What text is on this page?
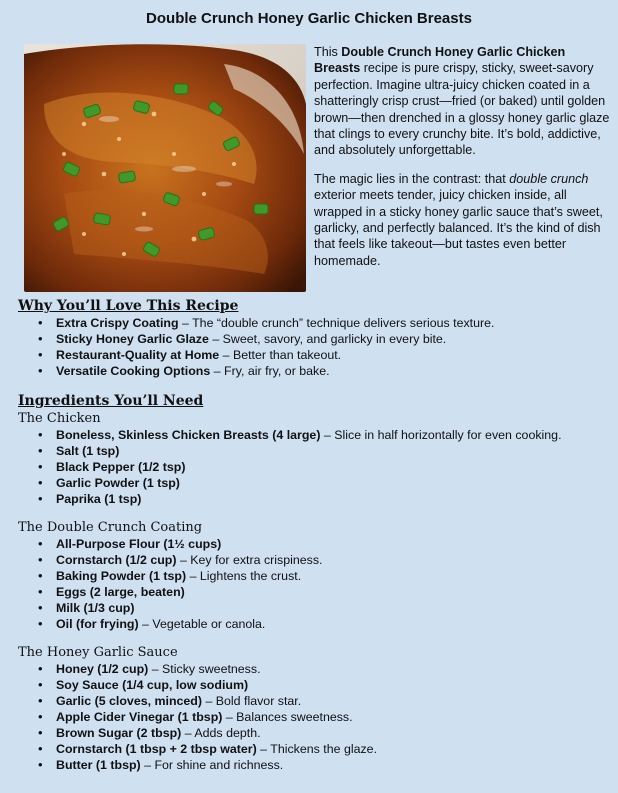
Double Crunch Honey Garlic Chicken Breasts

This Double Crunch Honey Garlic Chicken Breasts recipe is pure crispy, sticky, sweet-savory perfection. Imagine ultra-juicy chicken coated in a shatteringly crisp crust—fried (or baked) until golden brown—then drenched in a glossy honey garlic glaze that clings to every crunchy bite. It’s bold, addictive, and absolutely unforgettable.

The magic lies in the contrast: that double crunch exterior meets tender, juicy chicken inside, all wrapped in a sticky honey garlic sauce that’s sweet, garlicky, and perfectly balanced. It’s the kind of dish that feels like takeout—but tastes even better homemade.

Why You’ll Love This Recipe
• Extra Crispy Coating – The “double crunch” technique delivers serious texture.
• Sticky Honey Garlic Glaze – Sweet, savory, and garlicky in every bite.
• Restaurant-Quality at Home – Better than takeout.
• Versatile Cooking Options – Fry, air fry, or bake.
Ingredients You’ll Need
The Chicken
• Boneless, Skinless Chicken Breasts (4 large) – Slice in half horizontally for even cooking.
• Salt (1 tsp)
• Black Pepper (1/2 tsp)
• Garlic Powder (1 tsp)
• Paprika (1 tsp)
The Double Crunch Coating
• All-Purpose Flour (1½ cups)
• Cornstarch (1/2 cup) – Key for extra crispiness.
• Baking Powder (1 tsp) – Lightens the crust.
• Eggs (2 large, beaten)
• Milk (1/3 cup)
• Oil (for frying) – Vegetable or canola.
The Honey Garlic Sauce
• Honey (1/2 cup) – Sticky sweetness.
• Soy Sauce (1/4 cup, low sodium)
• Garlic (5 cloves, minced) – Bold flavor star.
• Apple Cider Vinegar (1 tbsp) – Balances sweetness.
• Brown Sugar (2 tbsp) – Adds depth.
• Cornstarch (1 tbsp + 2 tbsp water) – Thickens the glaze.
• Butter (1 tbsp) – For shine and richness.
